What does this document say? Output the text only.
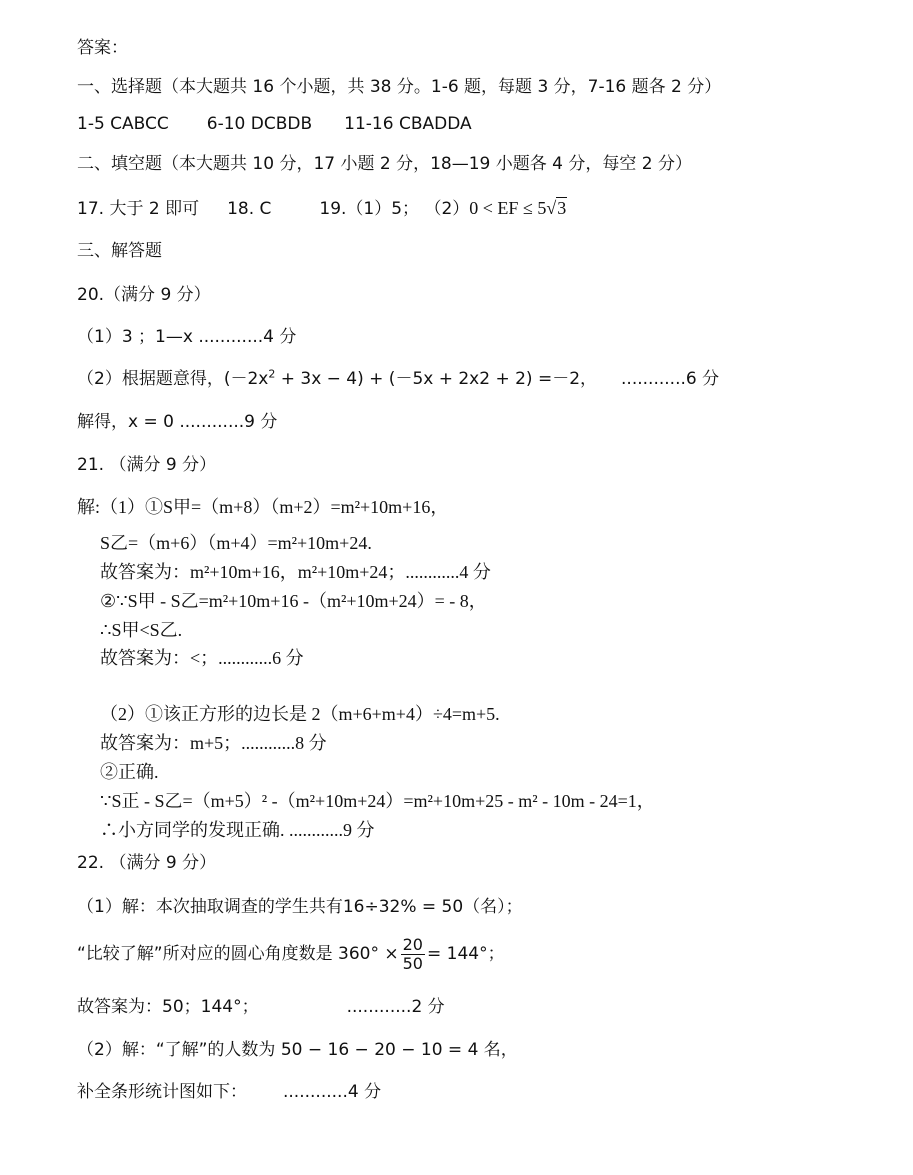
答案：
一、选择题（本大题共 16 个小题，共 38 分。1-6 题，每题 3 分，7-16 题各 2 分）
1-5 CABCC 6-10 DCBDB 11-16 CBADDA
二、填空题（本大题共 10 分，17 小题 2 分，18—19 小题各 4 分，每空 2 分）
17. 大于 2 即可 18. C	19.（1）5； （2）0 < EF ≤ 5√3
三、解答题
20.（满分 9 分）
（1）3 ；1—x ............4 分
（2）根据题意得，$(-2x^2 + 3x - 4) + (-5x + 2x2 + 2) =-2$， ............6 分
解得，x = 0 ............9 分
21. （满分 9 分）
解:（1）①S甲=（m+8）（m+2）=m²+10m+16，
S乙=（m+6）（m+4）=m²+10m+24.
故答案为：m²+10m+16，m²+10m+24；............4 分
②∵S甲 - S乙=m²+10m+16 -（m²+10m+24）= - 8，
∴S甲<S乙.
故答案为：<；............6 分
（2）①该正方形的边长是 2（m+6+m+4）÷4=m+5.
故答案为：m+5；............8 分
②正确.
∵S正 - S乙=（m+5）² -（m²+10m+24）=m²+10m+25 - m² - 10m - 24=1，
∴小方同学的发现正确. ............9 分
22. （满分 9 分）
（1）解：本次抽取调查的学生共有16÷32% = 50（名）；
“比较了解”所对应的圆心角度数是 $360^\circ \times \frac{20}{50} = 144^\circ$；
故答案为：50；144°；	............2 分
（2）解：“了解”的人数为 50 − 16 − 20 − 10 = 4 名，
补全条形统计图如下： ............4 分
